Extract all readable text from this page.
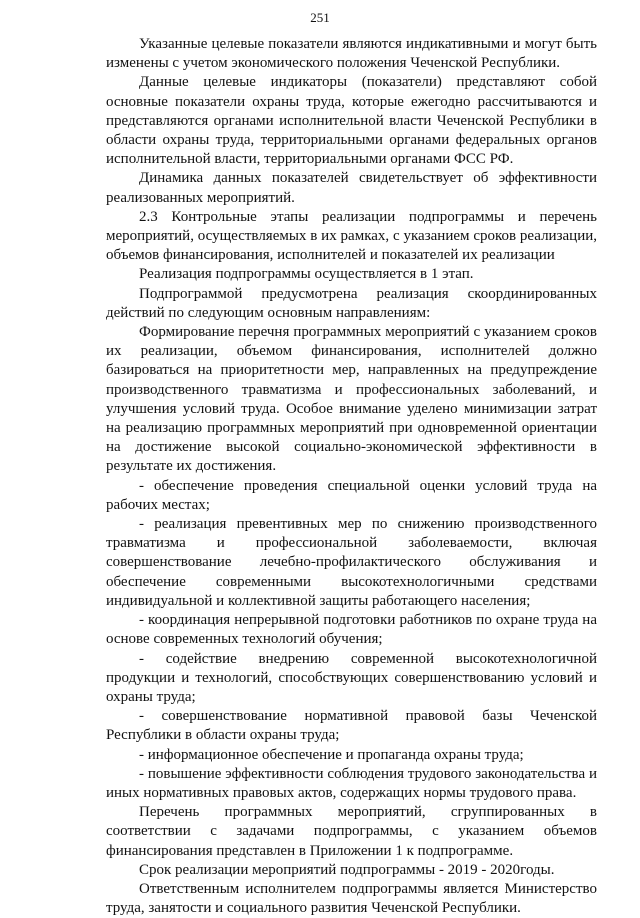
251

Указанные целевые показатели являются индикативными и могут быть изменены с учетом экономического положения Чеченской Республики.

Данные целевые индикаторы (показатели) представляют собой основные показатели охраны труда, которые ежегодно рассчитываются и представляются органами исполнительной власти Чеченской Республики в области охраны труда, территориальными органами федеральных органов исполнительной власти, территориальными органами ФСС РФ.

Динамика данных показателей свидетельствует об эффективности реализованных мероприятий.

2.3 Контрольные этапы реализации подпрограммы и перечень мероприятий, осуществляемых в их рамках, с указанием сроков реализации, объемов финансирования, исполнителей и показателей их реализации

Реализация подпрограммы осуществляется в 1 этап.

Подпрограммой предусмотрена реализация скоординированных действий по следующим основным направлениям:

Формирование перечня программных мероприятий с указанием сроков их реализации, объемом финансирования, исполнителей должно базироваться на приоритетности мер, направленных на предупреждение производственного травматизма и профессиональных заболеваний, и улучшения условий труда. Особое внимание уделено минимизации затрат на реализацию программных мероприятий при одновременной ориентации на достижение высокой социально-экономической эффективности в результате их достижения.

- обеспечение проведения специальной оценки условий труда на рабочих местах;

- реализация превентивных мер по снижению производственного травматизма и профессиональной заболеваемости, включая совершенствование лечебно-профилактического обслуживания и обеспечение современными высокотехнологичными средствами индивидуальной и коллективной защиты работающего населения;

- координация непрерывной подготовки работников по охране труда на основе современных технологий обучения;

- содействие внедрению современной высокотехнологичной продукции и технологий, способствующих совершенствованию условий и охраны труда;

- совершенствование нормативной правовой базы Чеченской Республики в области охраны труда;

- информационное обеспечение и пропаганда охраны труда;

- повышение эффективности соблюдения трудового законодательства и иных нормативных правовых актов, содержащих нормы трудового права.

Перечень программных мероприятий, сгруппированных в соответствии с задачами подпрограммы, с указанием объемов финансирования представлен в Приложении 1 к подпрограмме.

Срок реализации мероприятий подпрограммы - 2019 - 2020годы.

Ответственным исполнителем подпрограммы является Министерство труда, занятости и социального развития Чеченской Республики.
